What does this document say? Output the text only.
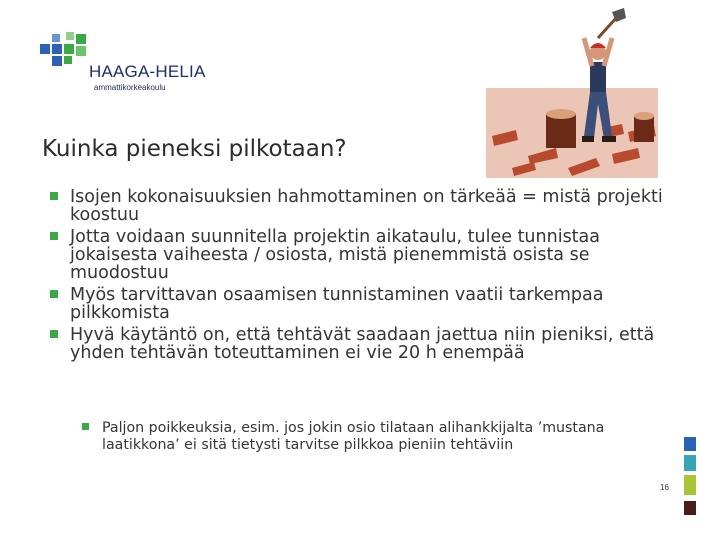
HAAGA-HELIA
ammattikorkeakoulu
Kuinka pieneksi pilkotaan?
Isojen kokonaisuuksien hahmottaminen on tärkeää = mistä projekti koostuu
Jotta voidaan suunnitella projektin aikataulu, tulee tunnistaa jokaisesta vaiheesta / osiosta, mistä pienemmistä osista se muodostuu
Myös tarvittavan osaamisen tunnistaminen vaatii tarkempaa pilkkomista
Hyvä käytäntö on, että tehtävät saadaan jaettua niin pieniksi, että yhden tehtävän toteuttaminen ei vie 20 h enempää
Paljon poikkeuksia, esim. jos jokin osio tilataan alihankkijalta ’mustana laatikkona’ ei sitä tietysti tarvitse pilkkoa pieniin tehtäviin
16
